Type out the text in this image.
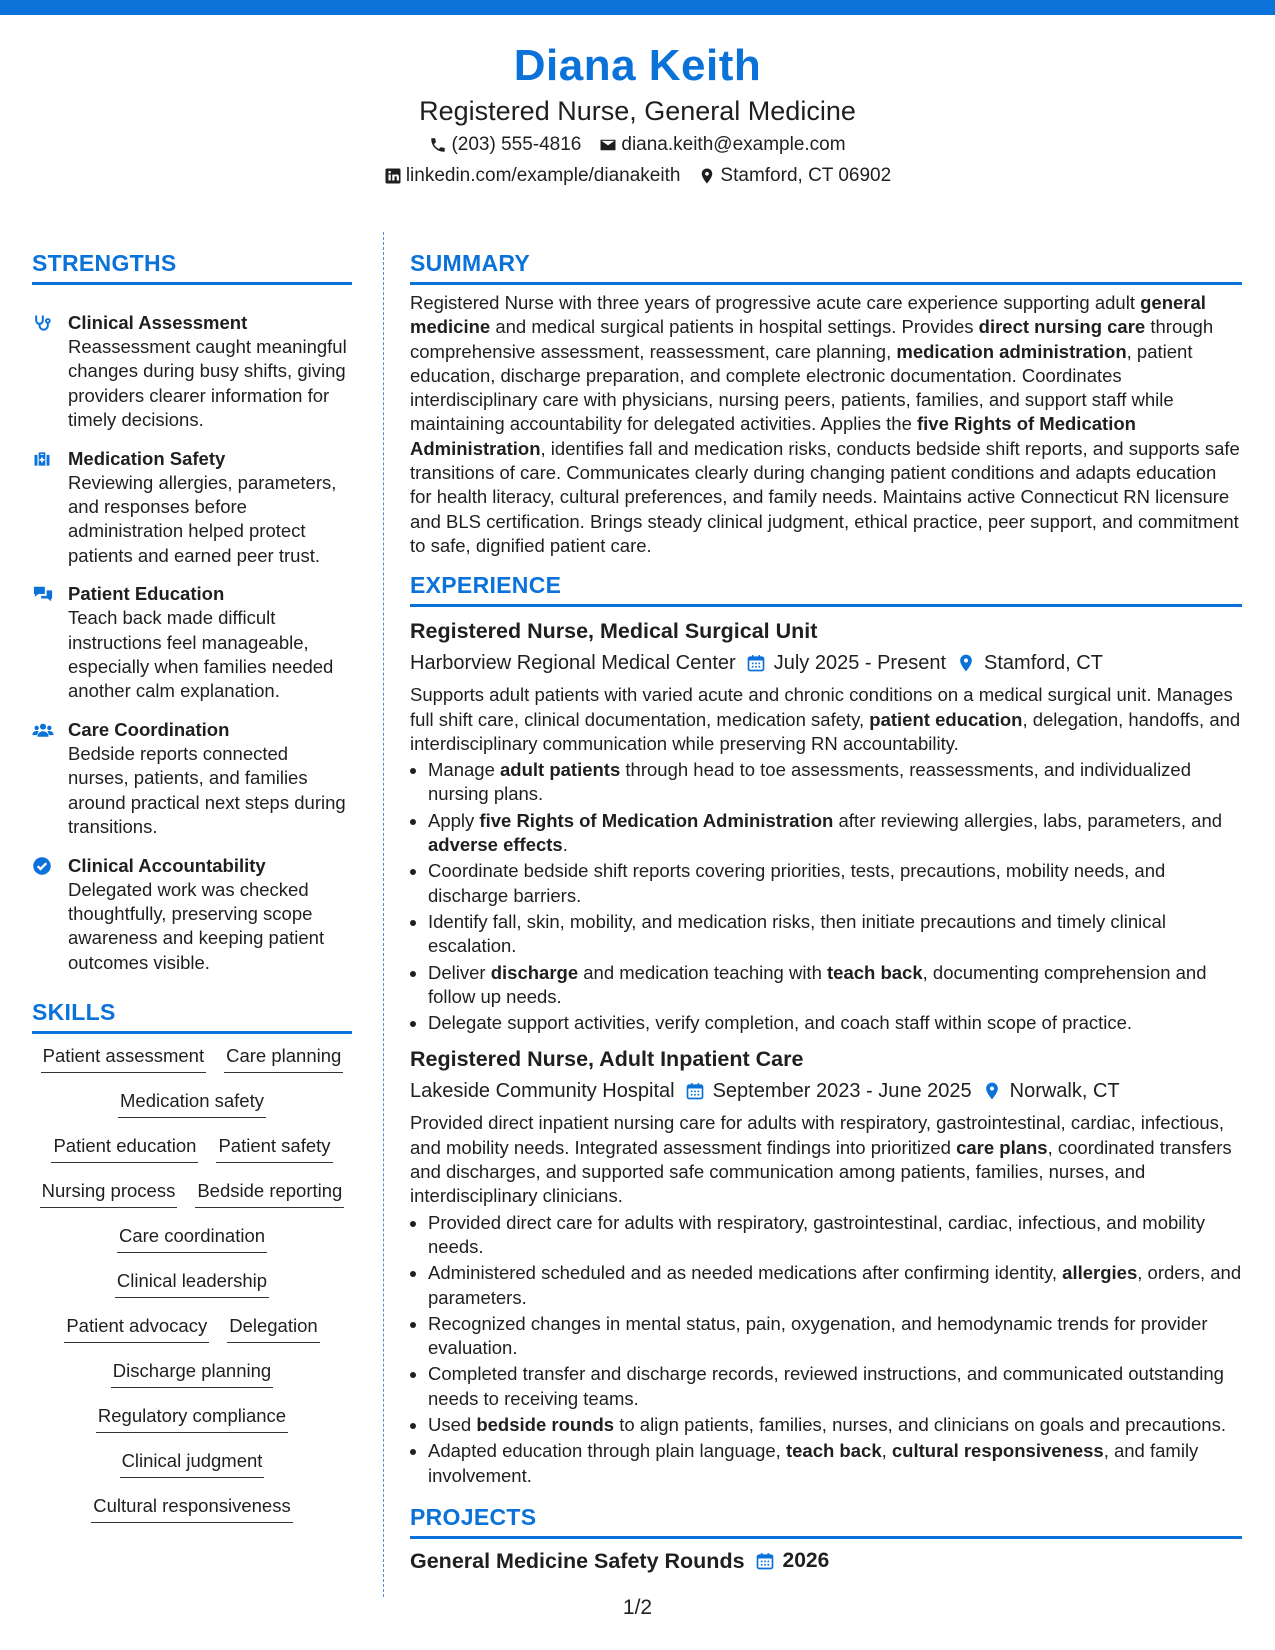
Diana Keith
Registered Nurse, General Medicine
(203) 555-4816 diana.keith@example.com
linkedin.com/example/dianakeith Stamford, CT 06902
STRENGTHS
Clinical Assessment
Reassessment caught meaningful changes during busy shifts, giving providers clearer information for timely decisions.
Medication Safety
Reviewing allergies, parameters, and responses before administration helped protect patients and earned peer trust.
Patient Education
Teach back made difficult instructions feel manageable, especially when families needed another calm explanation.
Care Coordination
Bedside reports connected nurses, patients, and families around practical next steps during transitions.
Clinical Accountability
Delegated work was checked thoughtfully, preserving scope awareness and keeping patient outcomes visible.
SKILLS
Patient assessment Care planning
Medication safety
Patient education Patient safety
Nursing process Bedside reporting
Care coordination
Clinical leadership
Patient advocacy Delegation
Discharge planning
Regulatory compliance
Clinical judgment
Cultural responsiveness
SUMMARY
Registered Nurse with three years of progressive acute care experience supporting adult general medicine and medical surgical patients in hospital settings. Provides direct nursing care through comprehensive assessment, reassessment, care planning, medication administration, patient education, discharge preparation, and complete electronic documentation. Coordinates interdisciplinary care with physicians, nursing peers, patients, families, and support staff while maintaining accountability for delegated activities. Applies the five Rights of Medication Administration, identifies fall and medication risks, conducts bedside shift reports, and supports safe transitions of care. Communicates clearly during changing patient conditions and adapts education for health literacy, cultural preferences, and family needs. Maintains active Connecticut RN licensure and BLS certification. Brings steady clinical judgment, ethical practice, peer support, and commitment to safe, dignified patient care.
EXPERIENCE
Registered Nurse, Medical Surgical Unit
Harborview Regional Medical Center July 2025 - Present Stamford, CT
Supports adult patients with varied acute and chronic conditions on a medical surgical unit. Manages full shift care, clinical documentation, medication safety, patient education, delegation, handoffs, and interdisciplinary communication while preserving RN accountability.
• Manage adult patients through head to toe assessments, reassessments, and individualized nursing plans.
• Apply five Rights of Medication Administration after reviewing allergies, labs, parameters, and adverse effects.
• Coordinate bedside shift reports covering priorities, tests, precautions, mobility needs, and discharge barriers.
• Identify fall, skin, mobility, and medication risks, then initiate precautions and timely clinical escalation.
• Deliver discharge and medication teaching with teach back, documenting comprehension and follow up needs.
• Delegate support activities, verify completion, and coach staff within scope of practice.
Registered Nurse, Adult Inpatient Care
Lakeside Community Hospital September 2023 - June 2025 Norwalk, CT
Provided direct inpatient nursing care for adults with respiratory, gastrointestinal, cardiac, infectious, and mobility needs. Integrated assessment findings into prioritized care plans, coordinated transfers and discharges, and supported safe communication among patients, families, nurses, and interdisciplinary clinicians.
• Provided direct care for adults with respiratory, gastrointestinal, cardiac, infectious, and mobility needs.
• Administered scheduled and as needed medications after confirming identity, allergies, orders, and parameters.
• Recognized changes in mental status, pain, oxygenation, and hemodynamic trends for provider evaluation.
• Completed transfer and discharge records, reviewed instructions, and communicated outstanding needs to receiving teams.
• Used bedside rounds to align patients, families, nurses, and clinicians on goals and precautions.
• Adapted education through plain language, teach back, cultural responsiveness, and family involvement.
PROJECTS
General Medicine Safety Rounds 2026
1/2
